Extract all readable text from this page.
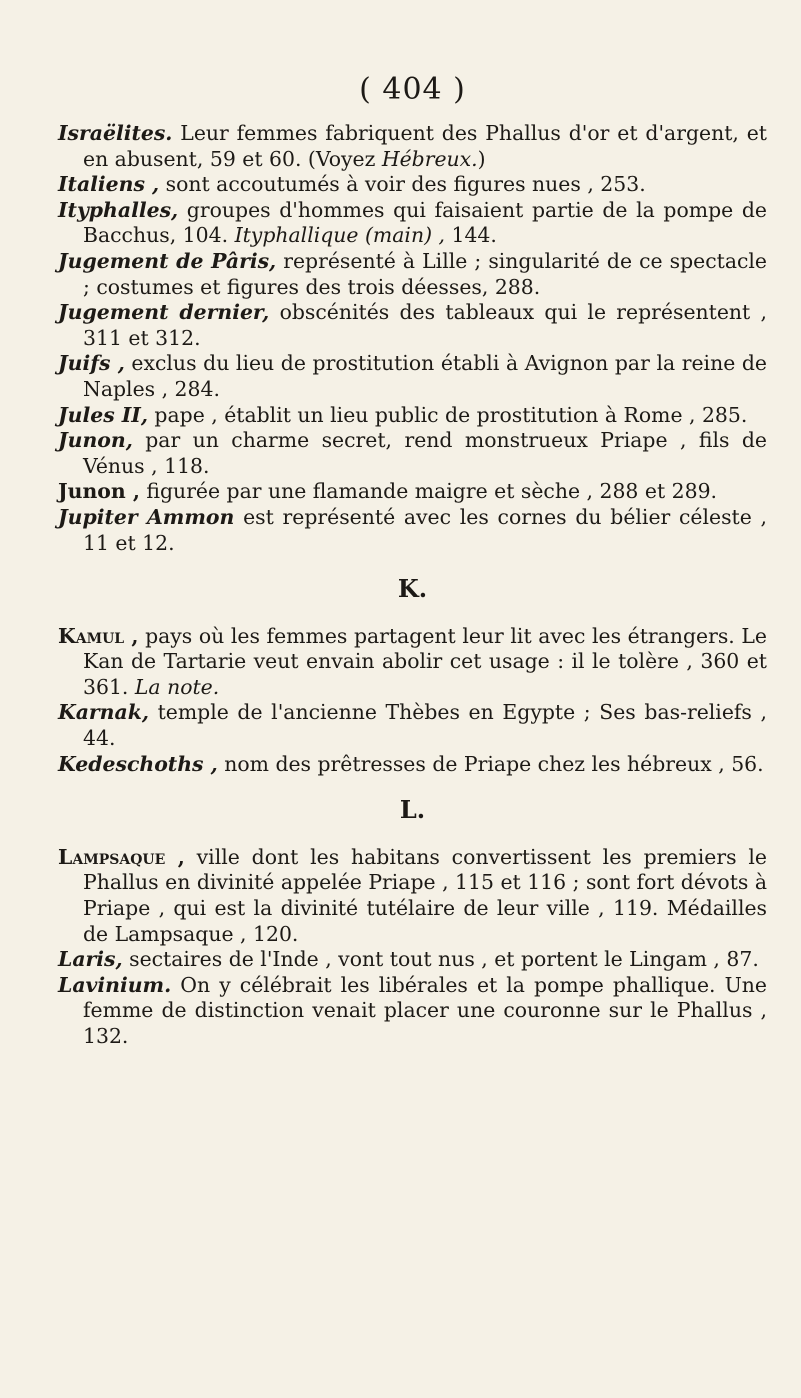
( 404 )

Israëlites. Leur femmes fabriquent des Phallus d'or et d'argent, et en abusent, 59 et 60. (Voyez Hébreux.)

Italiens , sont accoutumés à voir des figures nues , 253.

Ityphalles, groupes d'hommes qui faisaient partie de la pompe de Bacchus, 104. Ityphallique (main) , 144.

Jugement de Pâris, représenté à Lille ; singularité de ce spectacle ; costumes et figures des trois déesses, 288.

Jugement dernier, obscénités des tableaux qui le représentent , 311 et 312.

Juifs , exclus du lieu de prostitution établi à Avignon par la reine de Naples , 284.

Jules II, pape , établit un lieu public de prostitution à Rome , 285.

Junon, par un charme secret, rend monstrueux Priape , fils de Vénus , 118.

Junon , figurée par une flamande maigre et sèche , 288 et 289.

Jupiter Ammon est représenté avec les cornes du bélier céleste , 11 et 12.

K.

Kamul , pays où les femmes partagent leur lit avec les étrangers. Le Kan de Tartarie veut envain abolir cet usage : il le tolère , 360 et 361. La note.

Karnak, temple de l'ancienne Thèbes en Egypte ; Ses bas-reliefs , 44.

Kedeschoths , nom des prêtresses de Priape chez les hébreux , 56.

L.

Lampsaque , ville dont les habitans convertissent les premiers le Phallus en divinité appelée Priape , 115 et 116 ; sont fort dévots à Priape , qui est la divinité tutélaire de leur ville , 119. Médailles de Lampsaque , 120.

Laris, sectaires de l'Inde , vont tout nus , et portent le Lingam , 87.

Lavinium. On y célébrait les libérales et la pompe phallique. Une femme de distinction venait placer une couronne sur le Phallus , 132.
